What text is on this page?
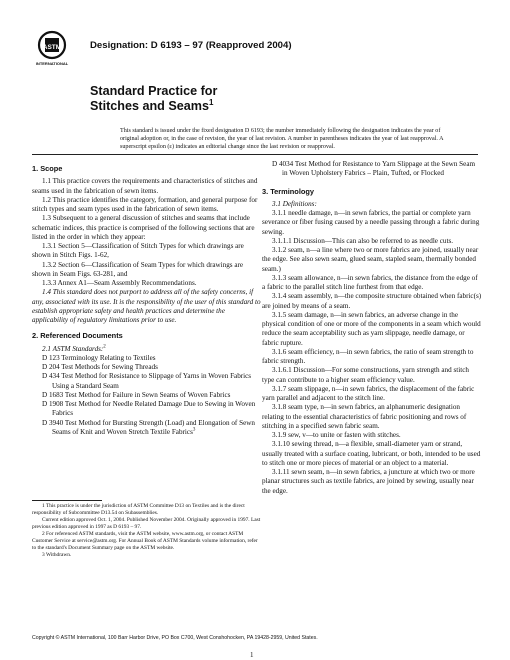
ASTM
INTERNATIONAL
Designation: D 6193 – 97 (Reapproved 2004)
Standard Practice for
Stitches and Seams$^1$
This standard is issued under the fixed designation D 6193; the number immediately following the designation indicates the year of original adoption or, in the case of revision, the year of last revision. A number in parentheses indicates the year of last reapproval. A superscript epsilon (ε) indicates an editorial change since the last revision or reapproval.

1. Scope

1.1 This practice covers the requirements and characteristics of stitches and seams used in the fabrication of sewn items.

1.2 This practice identifies the category, formation, and general purpose for stitch types and seam types used in the fabrication of sewn items.

1.3 Subsequent to a general discussion of stitches and seams that include schematic indices, this practice is comprised of the following sections that are listed in the order in which they appear:

1.3.1 Section 5—Classification of Stitch Types for which drawings are shown in Stitch Figs. 1-62,

1.3.2 Section 6—Classification of Seam Types for which drawings are shown in Seam Figs. 63-281, and

1.3.3 Annex A1—Seam Assembly Recommendations.

1.4 This standard does not purport to address all of the safety concerns, if any, associated with its use. It is the responsibility of the user of this standard to establish appropriate safety and health practices and determine the applicability of regulatory limitations prior to use.

2. Referenced Documents

2.1 ASTM Standards:$^2$

D 123 Terminology Relating to Textiles

D 204 Test Methods for Sewing Threads

D 434 Test Method for Resistance to Slippage of Yarns in Woven Fabrics Using a Standard Seam

D 1683 Test Method for Failure in Sewn Seams of Woven Fabrics

D 1908 Test Method for Needle Related Damage Due to Sewing in Woven Fabrics

D 3940 Test Method for Bursting Strength (Load) and Elongation of Sewn Seams of Knit and Woven Stretch Textile Fabrics$^3$

1 This practice is under the jurisdiction of ASTM Committee D13 on Textiles and is the direct responsibility of Subcommittee D13.54 on Subassemblies.

Current edition approved Oct. 1, 2004. Published November 2004. Originally approved in 1997. Last previous edition approved in 1997 as D 6193 – 97.

2 For referenced ASTM standards, visit the ASTM website, www.astm.org, or contact ASTM Customer Service at service@astm.org. For Annual Book of ASTM Standards volume information, refer to the standard's Document Summary page on the ASTM website.

3 Withdrawn.

D 4034 Test Method for Resistance to Yarn Slippage at the Sewn Seam in Woven Upholstery Fabrics – Plain, Tufted, or Flocked

3. Terminology

3.1 Definitions:

3.1.1 needle damage, n—in sewn fabrics, the partial or complete yarn severance or fiber fusing caused by a needle passing through a fabric during sewing.

3.1.1.1 Discussion—This can also be referred to as needle cuts.

3.1.2 seam, n—a line where two or more fabrics are joined, usually near the edge. See also sewn seam, glued seam, stapled seam, thermally bonded seam.)

3.1.3 seam allowance, n—in sewn fabrics, the distance from the edge of a fabric to the parallel stitch line furthest from that edge.

3.1.4 seam assembly, n—the composite structure obtained when fabric(s) are joined by means of a seam.

3.1.5 seam damage, n—in sewn fabrics, an adverse change in the physical condition of one or more of the components in a seam which would reduce the seam acceptability such as yarn slippage, needle damage, or fabric rupture.

3.1.6 seam efficiency, n—in sewn fabrics, the ratio of seam strength to fabric strength.

3.1.6.1 Discussion—For some constructions, yarn strength and stitch type can contribute to a higher seam efficiency value.

3.1.7 seam slippage, n—in sewn fabrics, the displacement of the fabric yarn parallel and adjacent to the stitch line.

3.1.8 seam type, n—in sewn fabrics, an alphanumeric designation relating to the essential characteristics of fabric positioning and rows of stitching in a specified sewn fabric seam.

3.1.9 sew, v—to unite or fasten with stitches.

3.1.10 sewing thread, n—a flexible, small-diameter yarn or strand, usually treated with a surface coating, lubricant, or both, intended to be used to stitch one or more pieces of material or an object to a material.

3.1.11 sewn seam, n—in sewn fabrics, a juncture at which two or more planar structures such as textile fabrics, are joined by sewing, usually near the edge.

Copyright © ASTM International, 100 Barr Harbor Drive, PO Box C700, West Conshohocken, PA 19428-2959, United States.
1
